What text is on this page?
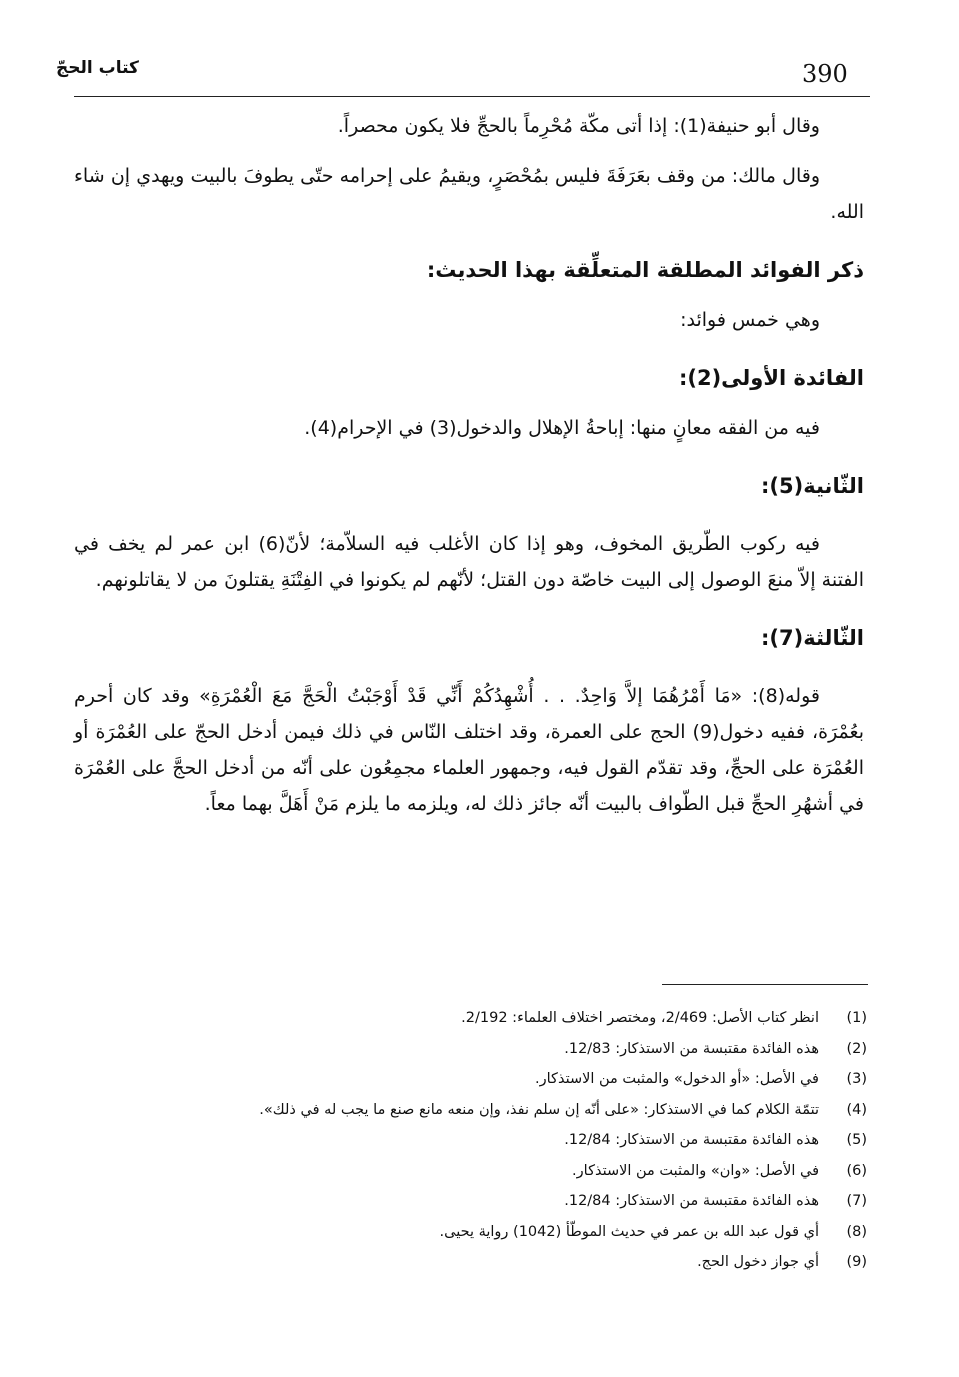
كتاب الحجّ	390

وقال أبو حنيفة(1): إذا أتى مكّة مُحْرِماً بالحجِّ فلا يكون محصراً.

وقال مالك: من وقف بعَرَفَةَ فليس بمُحْصَرٍ، ويقيمُ على إحرامه حتّى يطوفَ بالبيت ويهدي إن شاء الله.

ذكر الفوائد المطلقة المتعلِّقة بهذا الحديث:

وهي خمس فوائد:

الفائدة الأولى(2):

فيه من الفقه معانٍ منها: إباحةُ الإهلال والدخول(3) في الإحرام(4).

الثّانية(5):

فيه ركوب الطّريق المخوف، وهو إذا كان الأغلب فيه السلاّمة؛ لأنّ(6) ابن عمر لم يخف في الفتنة إلاّ منعَ الوصول إلى البيت خاصّة دون القتل؛ لأنّهم لم يكونوا في الفِتْنَةِ يقتلونَ من لا يقاتلونهم.

الثّالثة(7):

قوله(8): «مَا أَمْرُهُمَا إلاَّ وَاحِدٌ. . . أُشْهِدُكُمْ أَنِّي قَدْ أَوْجَبْتُ الْحَجَّ مَعَ الْعُمْرَةِ» وقد كان أحرم بعُمْرَة، ففيه دخول(9) الحج على العمرة، وقد اختلف النّاس في ذلك فيمن أدخل الحجّ على العُمْرَة أو العُمْرَة على الحجِّ، وقد تقدّم القول فيه، وجمهور العلماء مجمِعُون على أنّه من أدخل الحجَّ على العُمْرَة في أشهُرِ الحجِّ قبل الطّواف بالبيت أنّه جائز ذلك له، ويلزمه ما يلزم مَنْ أَهَلَّ بهما معاً.

(1)
انظر كتاب الأصل: 2/469، ومختصر اختلاف العلماء: 2/192.
(2)
هذه الفائدة مقتبسة من الاستذكار: 12/83.
(3)
في الأصل: «أو الدخول» والمثبت من الاستذكار.
(4)
تتمّة الكلام كما في الاستذكار: «على أنّه إن سلم نفذ، وإن منعه مانع صنع ما يجب له في ذلك».
(5)
هذه الفائدة مقتبسة من الاستذكار: 12/84.
(6)
في الأصل: «وان» والمثبت من الاستذكار.
(7)
هذه الفائدة مقتبسة من الاستذكار: 12/84.
(8)
أي قول عبد الله بن عمر في حديث الموطّأ (1042) رواية يحيى.
(9)
أي جواز دخول الحج.
